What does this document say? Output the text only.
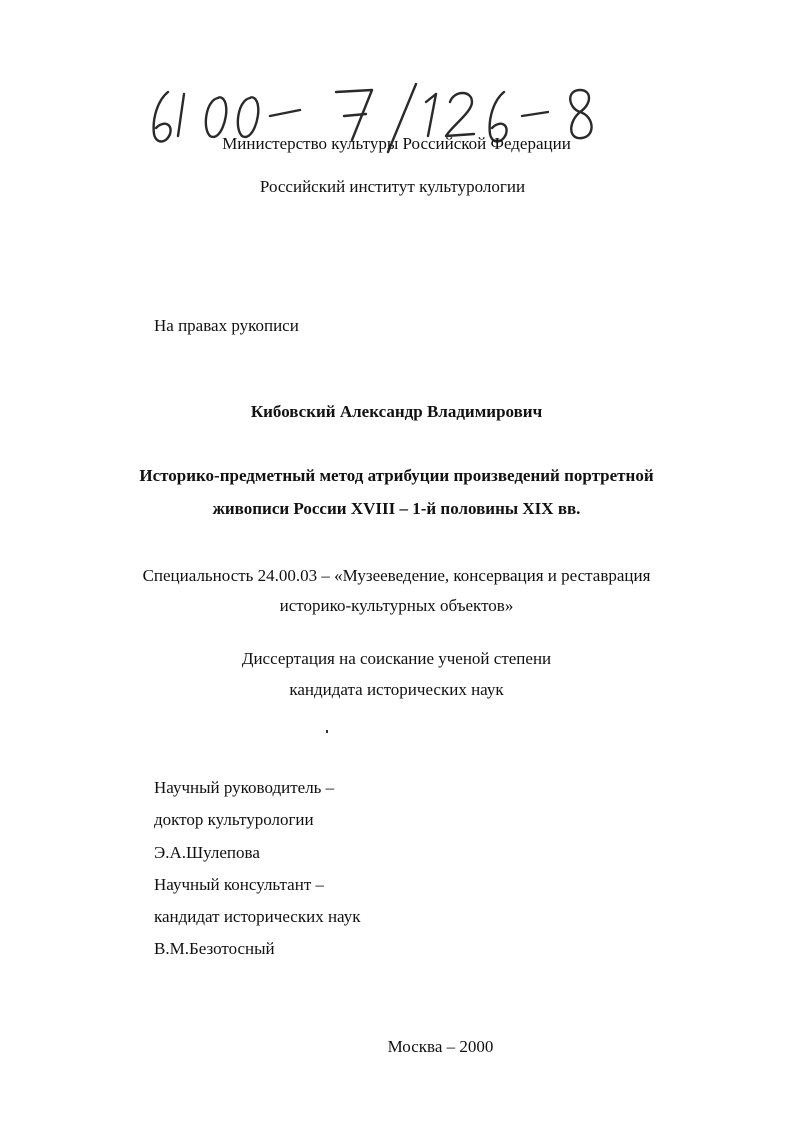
Министерство культуры Российской Федерации
Российский институт культурологии
На правах рукописи
Кибовский Александр Владимирович
Историко-предметный метод атрибуции произведений портретной
живописи России XVIII – 1-й половины XIX вв.
Специальность 24.00.03 – «Музееведение, консервация и реставрация
историко-культурных объектов»
Диссертация на соискание ученой степени
кандидата исторических наук
Научный руководитель –
доктор культурологии
Э.А.Шулепова
Научный консультант –
кандидат исторических наук
В.М.Безотосный
Москва – 2000
